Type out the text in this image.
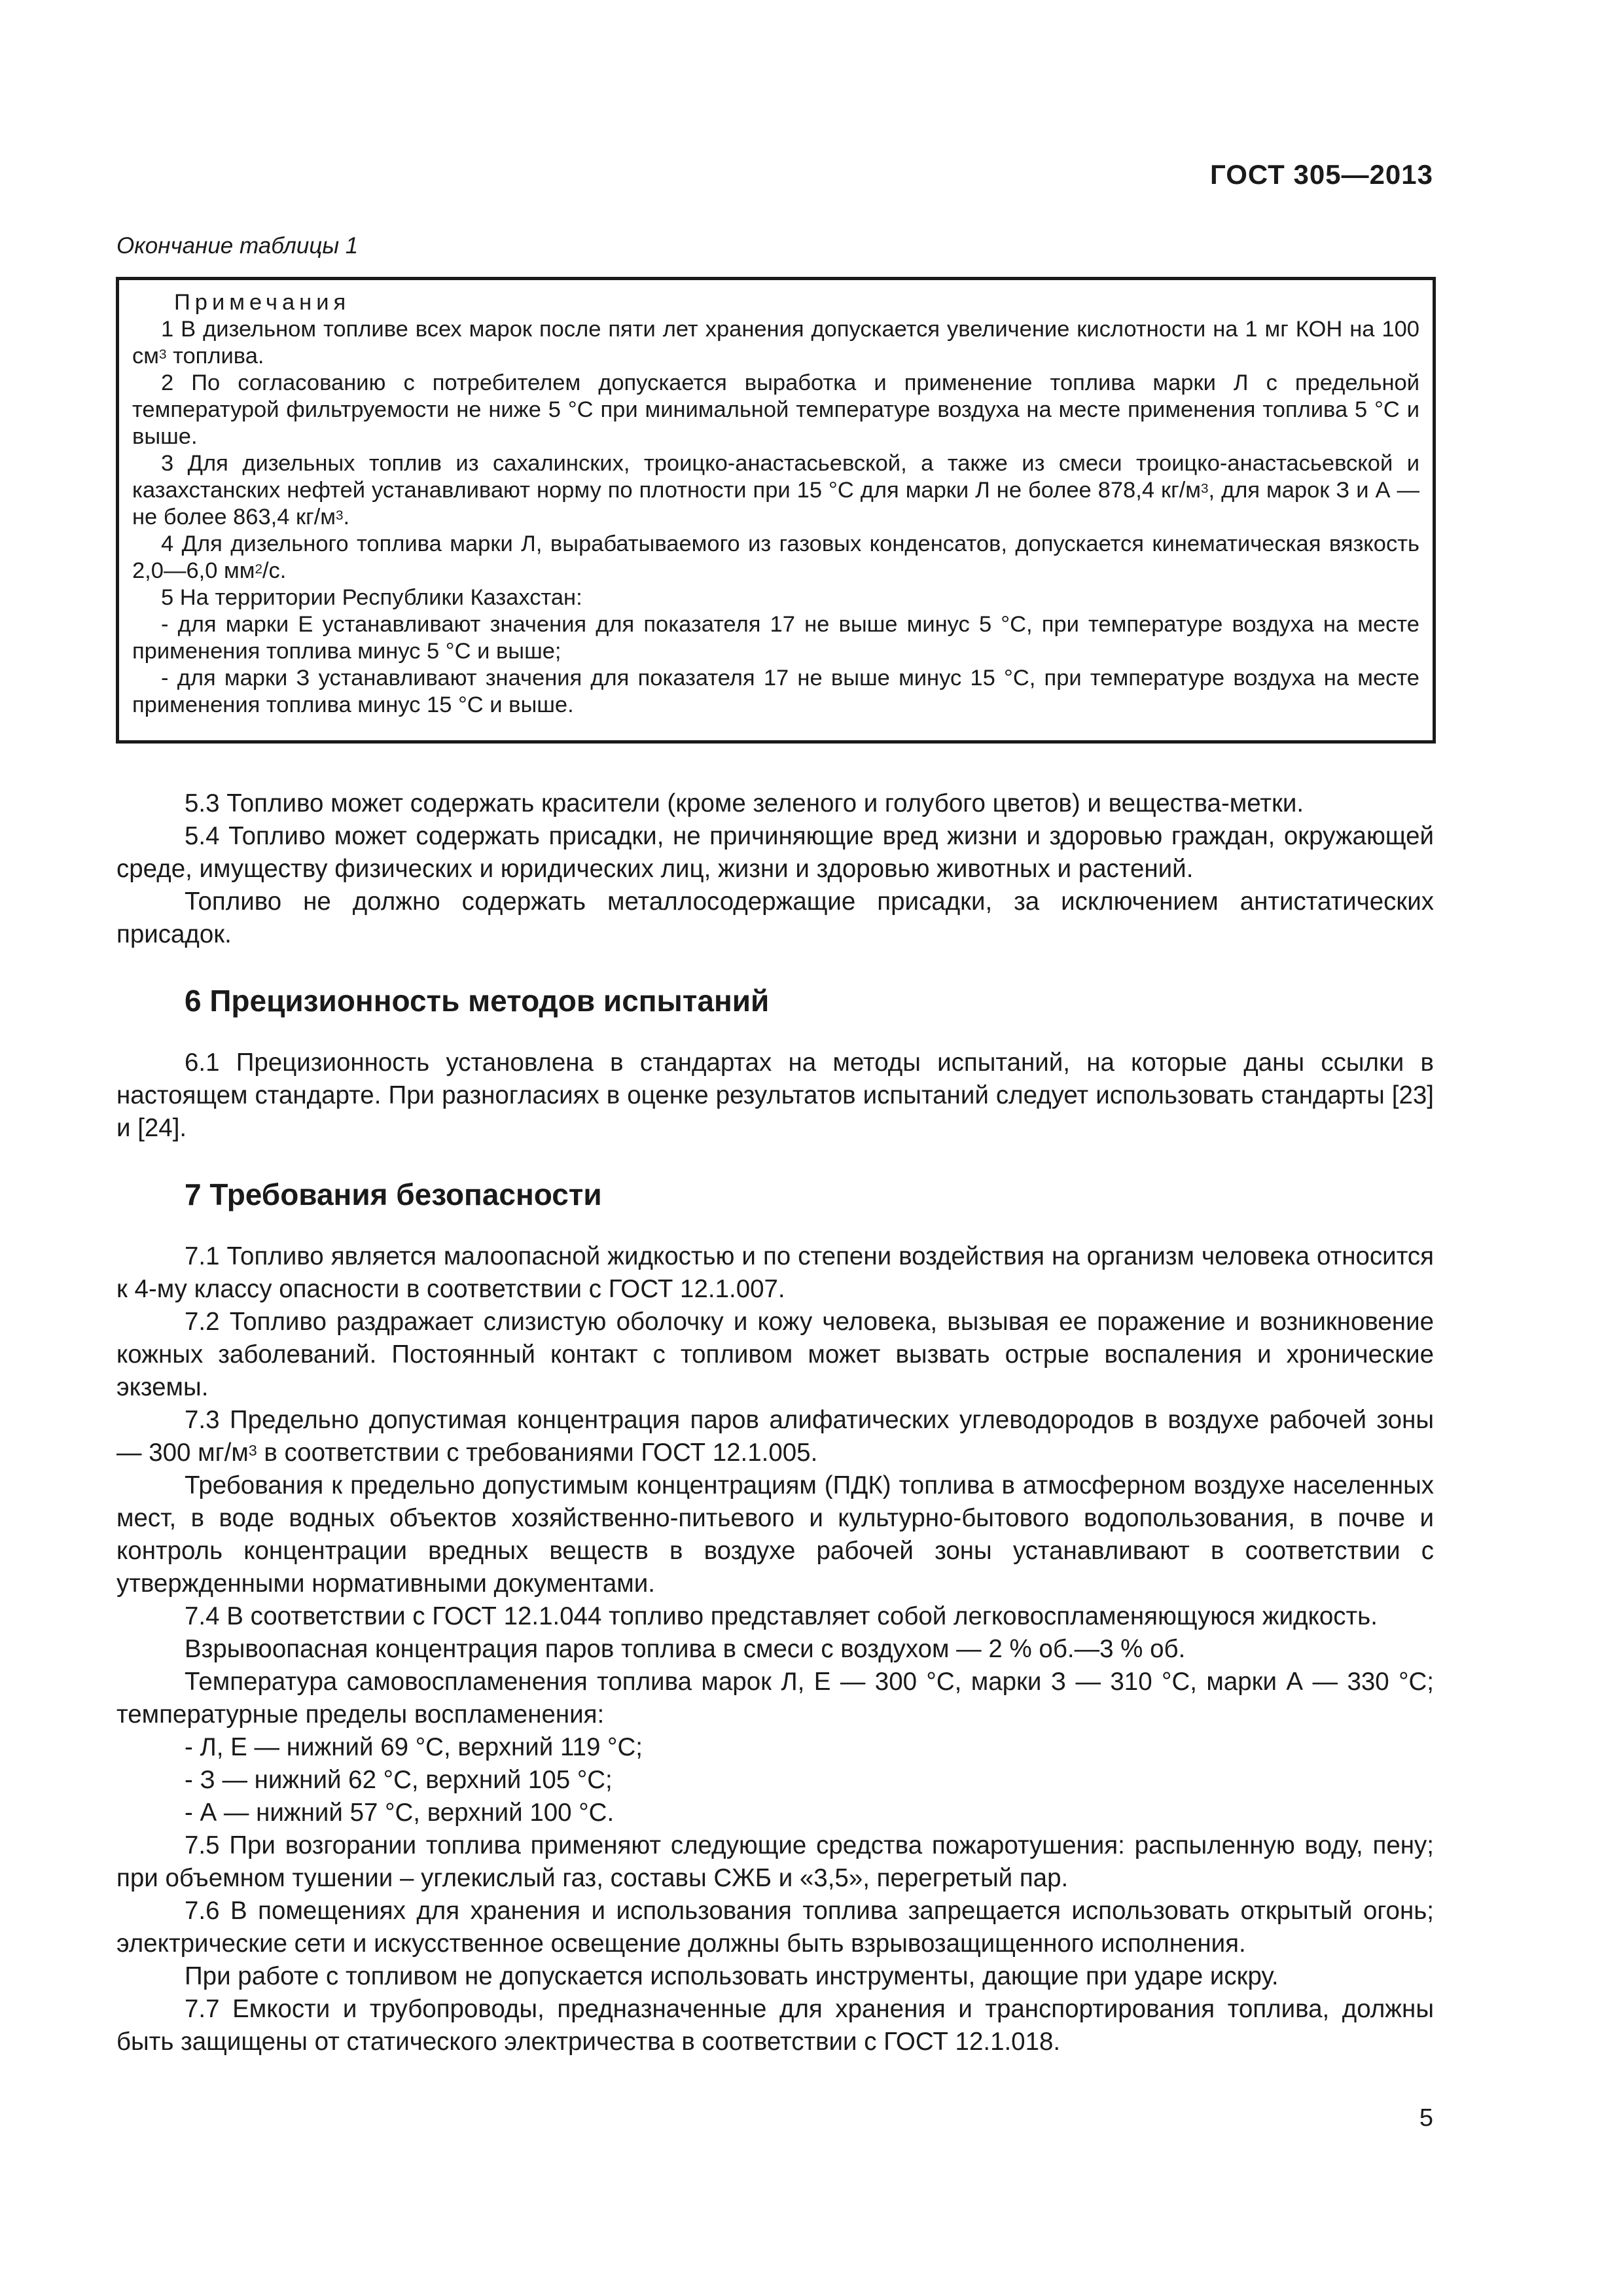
ГОСТ 305—2013
Окончание таблицы 1

Примечания

1 В дизельном топливе всех марок после пяти лет хранения допускается увеличение кислотности на 1 мг КОН на 100 $см^3$ топлива.

2 По согласованию с потребителем допускается выработка и применение топлива марки Л с предельной температурой фильтруемости не ниже 5 °С при минимальной температуре воздуха на месте применения топлива 5 °С и выше.

3 Для дизельных топлив из сахалинских, троицко-анастасьевской, а также из смеси троицко-анастасьевской и казахстанских нефтей устанавливают норму по плотности при 15 °С для марки Л не более 878,4 $кг/м^3$, для марок З и А — не более 863,4 $кг/м^3$.

4 Для дизельного топлива марки Л, вырабатываемого из газовых конденсатов, допускается кинематическая вязкость 2,0—6,0 $мм^2/с$.

5 На территории Республики Казахстан:

- для марки Е устанавливают значения для показателя 17 не выше минус 5 °С, при температуре воздуха на месте применения топлива минус 5 °С и выше;

- для марки З устанавливают значения для показателя 17 не выше минус 15 °С, при температуре воздуха на месте применения топлива минус 15 °С и выше.

5.3 Топливо может содержать красители (кроме зеленого и голубого цветов) и вещества-метки.

5.4 Топливо может содержать присадки, не причиняющие вред жизни и здоровью граждан, окружающей среде, имуществу физических и юридических лиц, жизни и здоровью животных и растений.

Топливо не должно содержать металлосодержащие присадки, за исключением антистатических присадок.

6 Прецизионность методов испытаний

6.1 Прецизионность установлена в стандартах на методы испытаний, на которые даны ссылки в настоящем стандарте. При разногласиях в оценке результатов испытаний следует использовать стандарты [23] и [24].

7 Требования безопасности

7.1 Топливо является малоопасной жидкостью и по степени воздействия на организм человека относится к 4-му классу опасности в соответствии с ГОСТ 12.1.007.

7.2 Топливо раздражает слизистую оболочку и кожу человека, вызывая ее поражение и возникновение кожных заболеваний. Постоянный контакт с топливом может вызвать острые воспаления и хронические экземы.

7.3 Предельно допустимая концентрация паров алифатических углеводородов в воздухе рабочей зоны — 300 $мг/м^3$ в соответствии с требованиями ГОСТ 12.1.005.

Требования к предельно допустимым концентрациям (ПДК) топлива в атмосферном воздухе населенных мест, в воде водных объектов хозяйственно-питьевого и культурно-бытового водопользования, в почве и контроль концентрации вредных веществ в воздухе рабочей зоны устанавливают в соответствии с утвержденными нормативными документами.

7.4 В соответствии с ГОСТ 12.1.044 топливо представляет собой легковоспламеняющуюся жидкость.

Взрывоопасная концентрация паров топлива в смеси с воздухом — 2 % об.—3 % об.

Температура самовоспламенения топлива марок Л, Е — 300 °С, марки З — 310 °С, марки А — 330 °С; температурные пределы воспламенения:

- Л, Е — нижний 69 °С, верхний 119 °С;

- З — нижний 62 °С, верхний 105 °С;

- А — нижний 57 °С, верхний 100 °С.

7.5 При возгорании топлива применяют следующие средства пожаротушения: распыленную воду, пену; при объемном тушении – углекислый газ, составы СЖБ и «3,5», перегретый пар.

7.6 В помещениях для хранения и использования топлива запрещается использовать открытый огонь; электрические сети и искусственное освещение должны быть взрывозащищенного исполнения.

При работе с топливом не допускается использовать инструменты, дающие при ударе искру.

7.7 Емкости и трубопроводы, предназначенные для хранения и транспортирования топлива, должны быть защищены от статического электричества в соответствии с ГОСТ 12.1.018.

5
